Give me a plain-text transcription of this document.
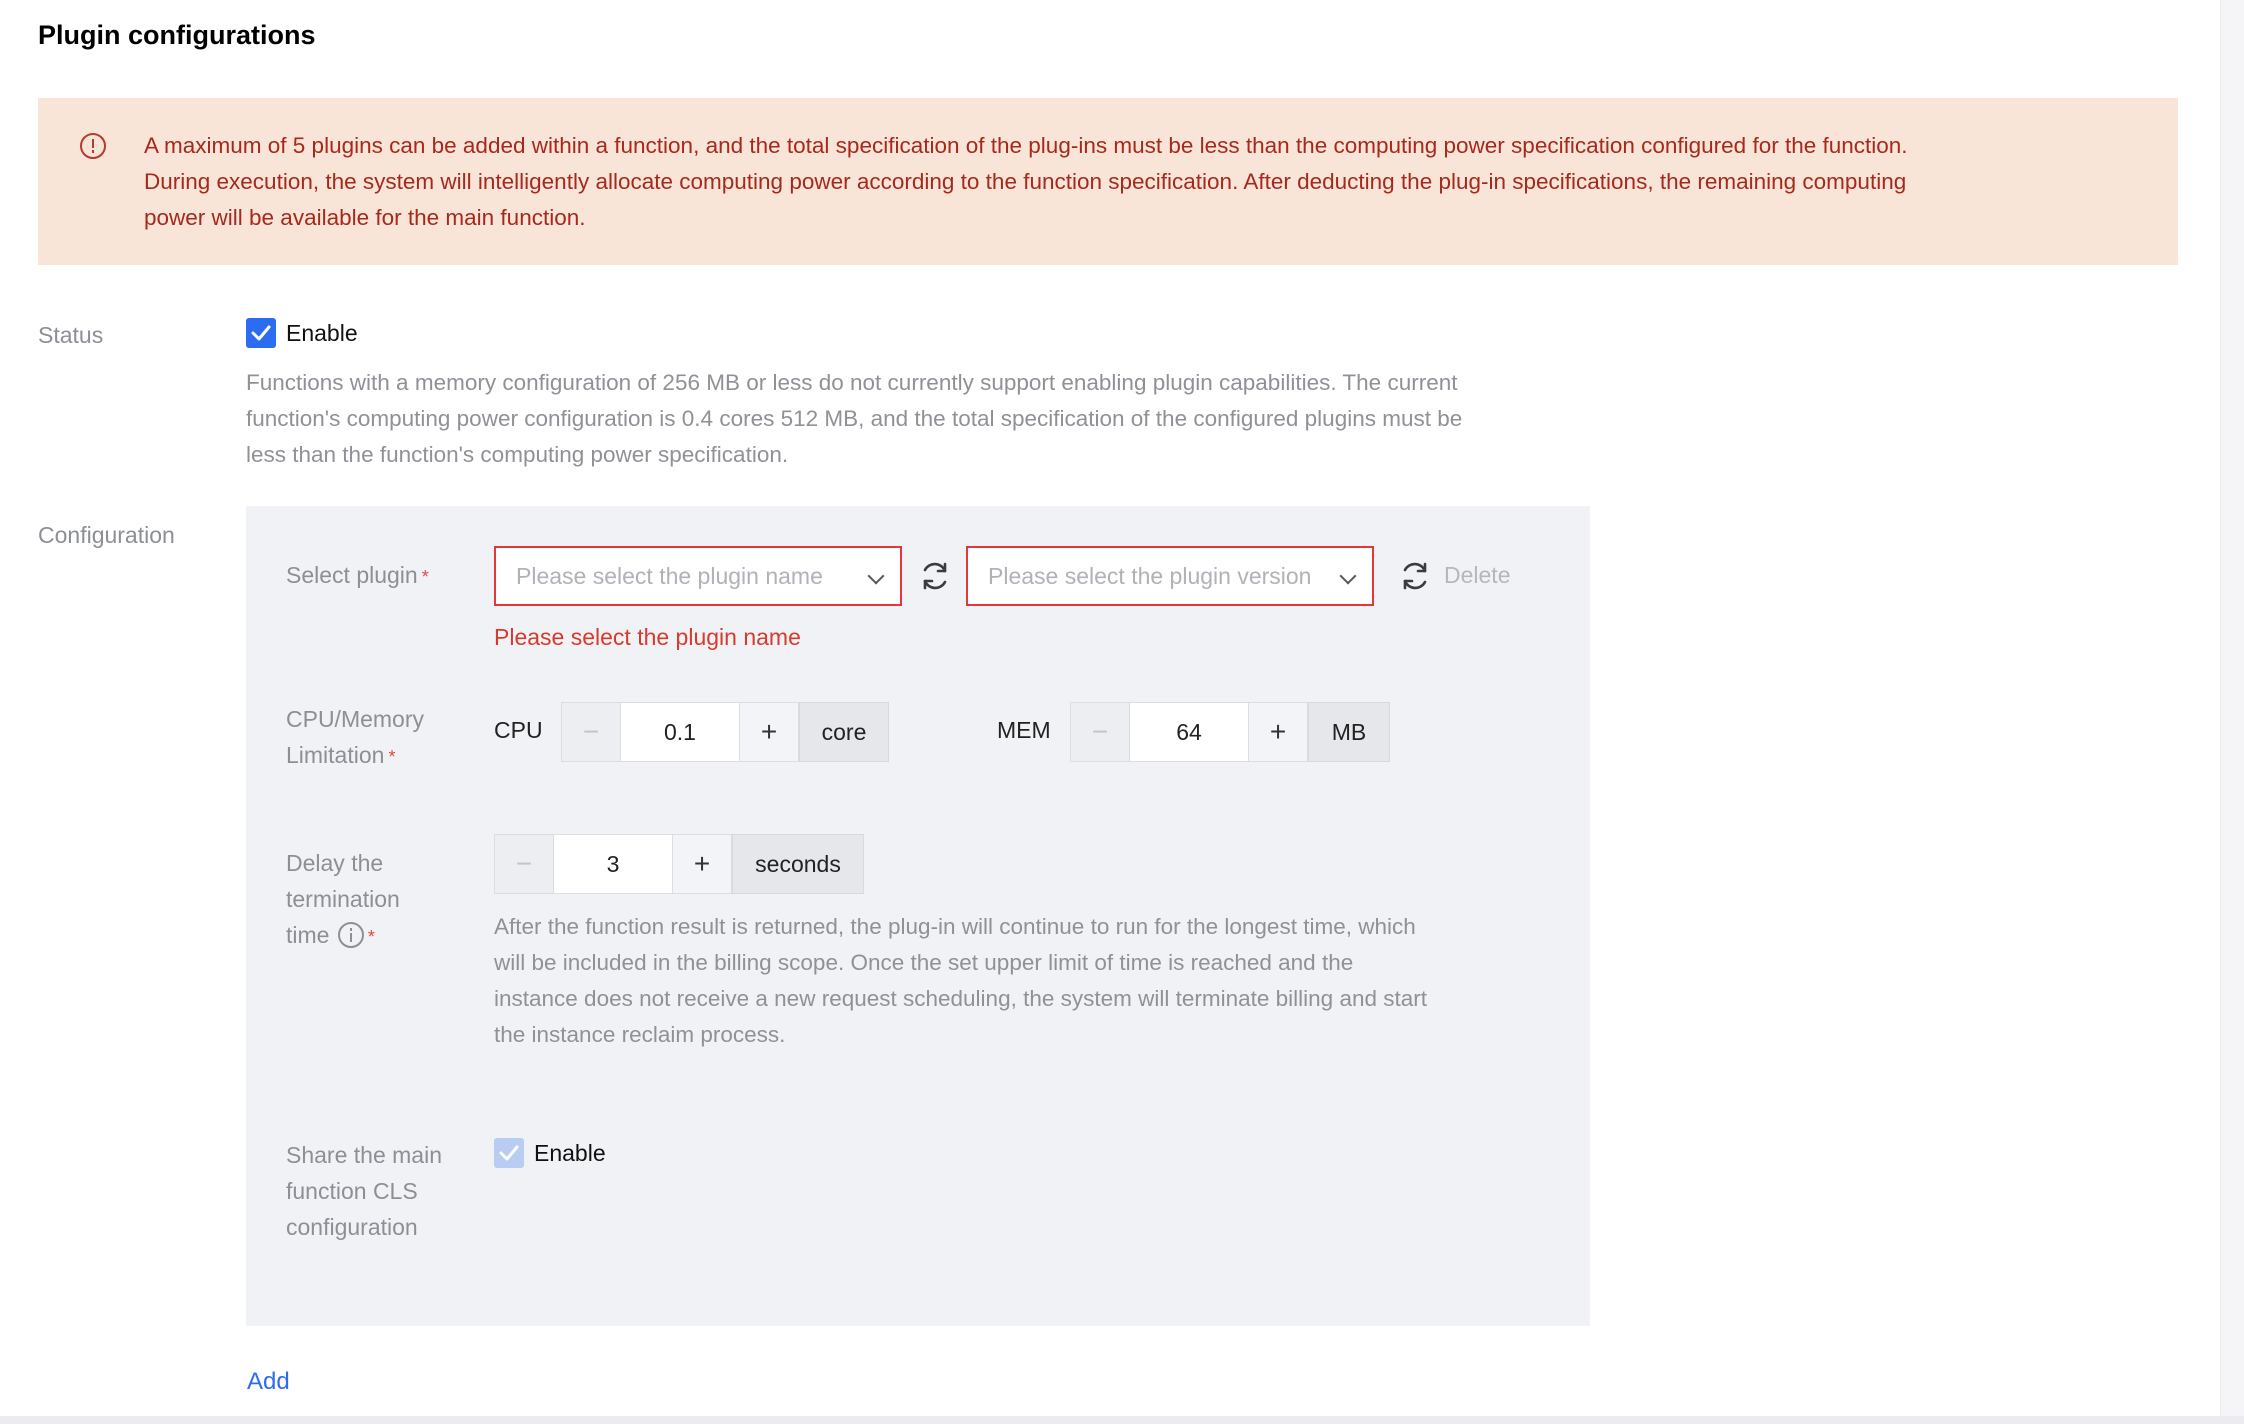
Plugin configurations
A maximum of 5 plugins can be added within a function, and the total specification of the plug-ins must be less than the computing power specification configured for the function.
During execution, the system will intelligently allocate computing power according to the function specification. After deducting the plug-in specifications, the remaining computing
power will be available for the main function.
Status	Enable
Functions with a memory configuration of 256 MB or less do not currently support enabling plugin capabilities. The current
function's computing power configuration is 0.4 cores 512 MB, and the total specification of the configured plugins must be
less than the function's computing power specification.
Configuration
Select plugin *	Please select the plugin name	Please select the plugin version	Delete
Please select the plugin name
CPU/Memory
Limitation *
CPU	−	0.1	+	core	MEM	−	64	+	MB
Delay the
termination
time *
−	3	+	seconds
After the function result is returned, the plug-in will continue to run for the longest time, which
will be included in the billing scope. Once the set upper limit of time is reached and the
instance does not receive a new request scheduling, the system will terminate billing and start
the instance reclaim process.
Share the main
function CLS
configuration
Enable
Add
